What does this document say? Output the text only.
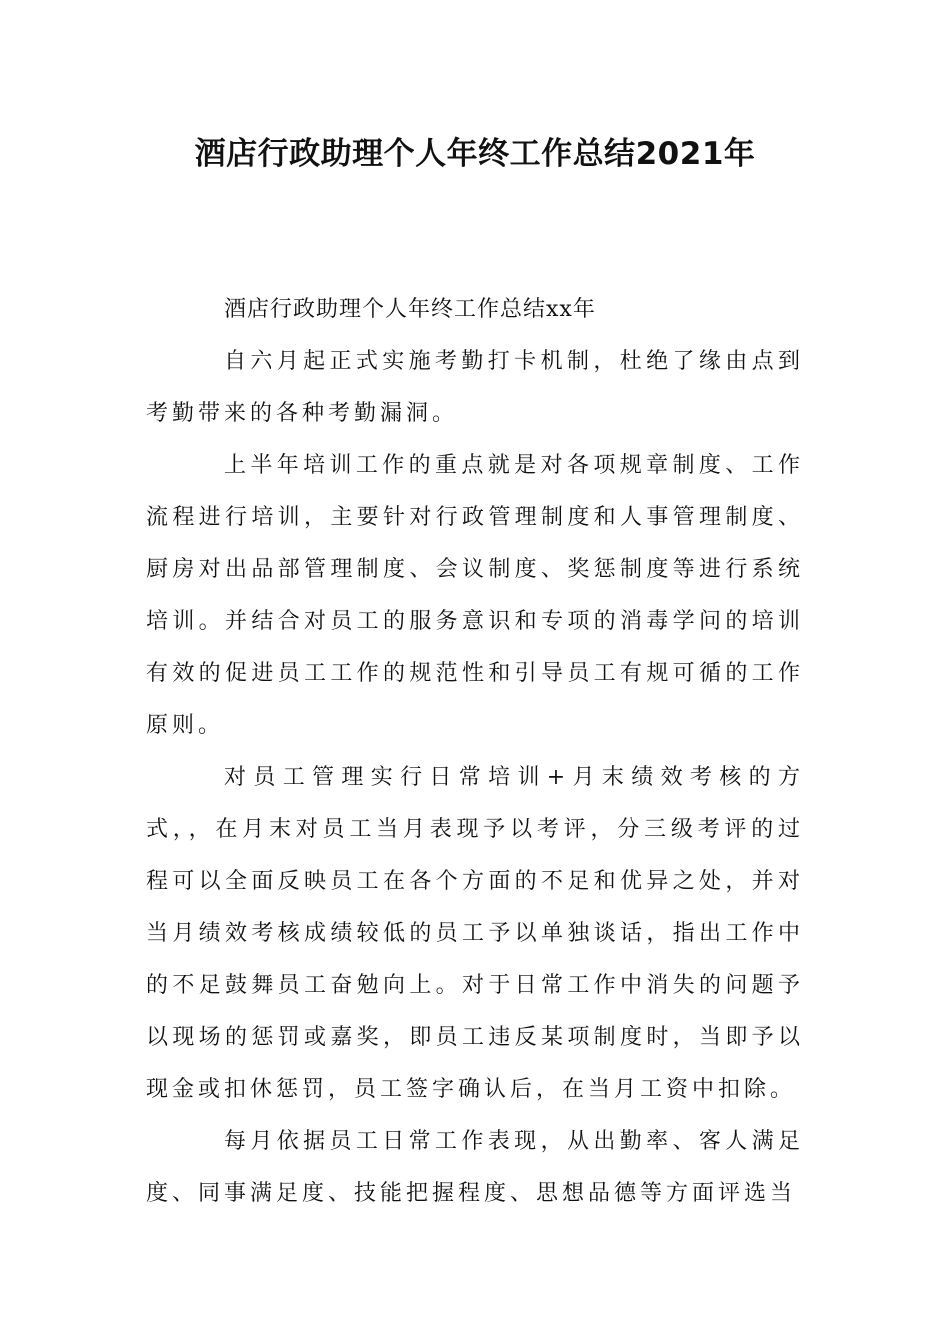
酒店行政助理个人年终工作总结2021年

酒店行政助理个人年终工作总结xx年

自六月起正式实施考勤打卡机制，杜绝了缘由点到考勤带来的各种考勤漏洞。

上半年培训工作的重点就是对各项规章制度、工作流程进行培训，主要针对行政管理制度和人事管理制度、厨房对出品部管理制度、会议制度、奖惩制度等进行系统培训。并结合对员工的服务意识和专项的消毒学问的培训有效的促进员工工作的规范性和引导员工有规可循的工作原则。

对员工管理实行日常培训+月末绩效考核的方式，，在月末对员工当月表现予以考评，分三级考评的过程可以全面反映员工在各个方面的不足和优异之处，并对当月绩效考核成绩较低的员工予以单独谈话，指出工作中的不足鼓舞员工奋勉向上。对于日常工作中消失的问题予以现场的惩罚或嘉奖，即员工违反某项制度时，当即予以现金或扣休惩罚，员工签字确认后，在当月工资中扣除。

每月依据员工日常工作表现，从出勤率、客人满足度、同事满足度、技能把握程度、思想品德等方面评选当
